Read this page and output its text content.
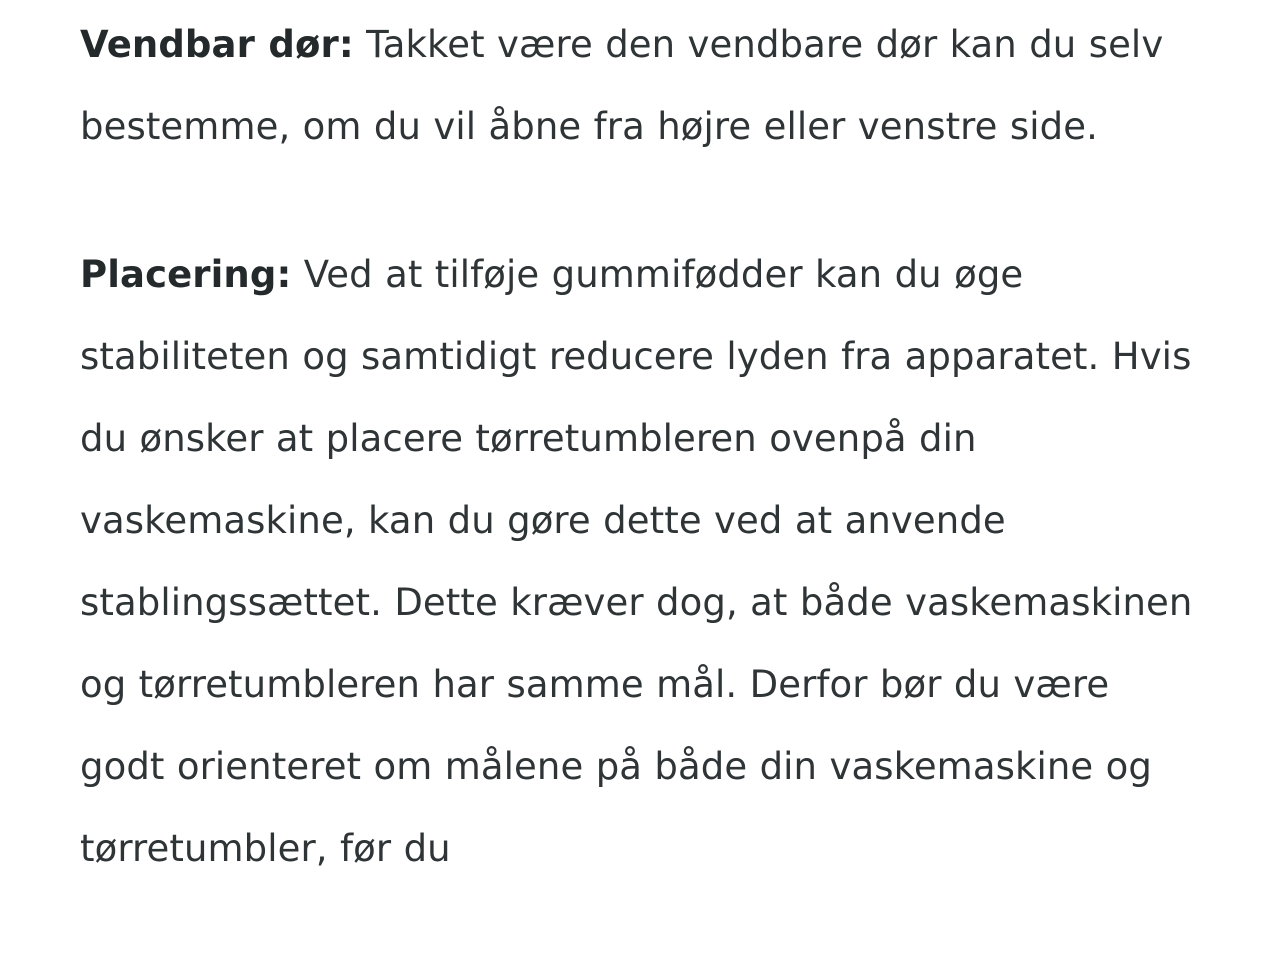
Vendbar dør: Takket være den vendbare dør kan du selv bestemme, om du vil åbne fra højre eller venstre side.

Placering: Ved at tilføje gummifødder kan du øge stabiliteten og samtidigt reducere lyden fra apparatet. Hvis du ønsker at placere tørretumbleren ovenpå din vaskemaskine, kan du gøre dette ved at anvende stablingssættet. Dette kræver dog, at både vaskemaskinen og tørretumbleren har samme mål. Derfor bør du være godt orienteret om målene på både din vaskemaskine og tørretumbler, før du
